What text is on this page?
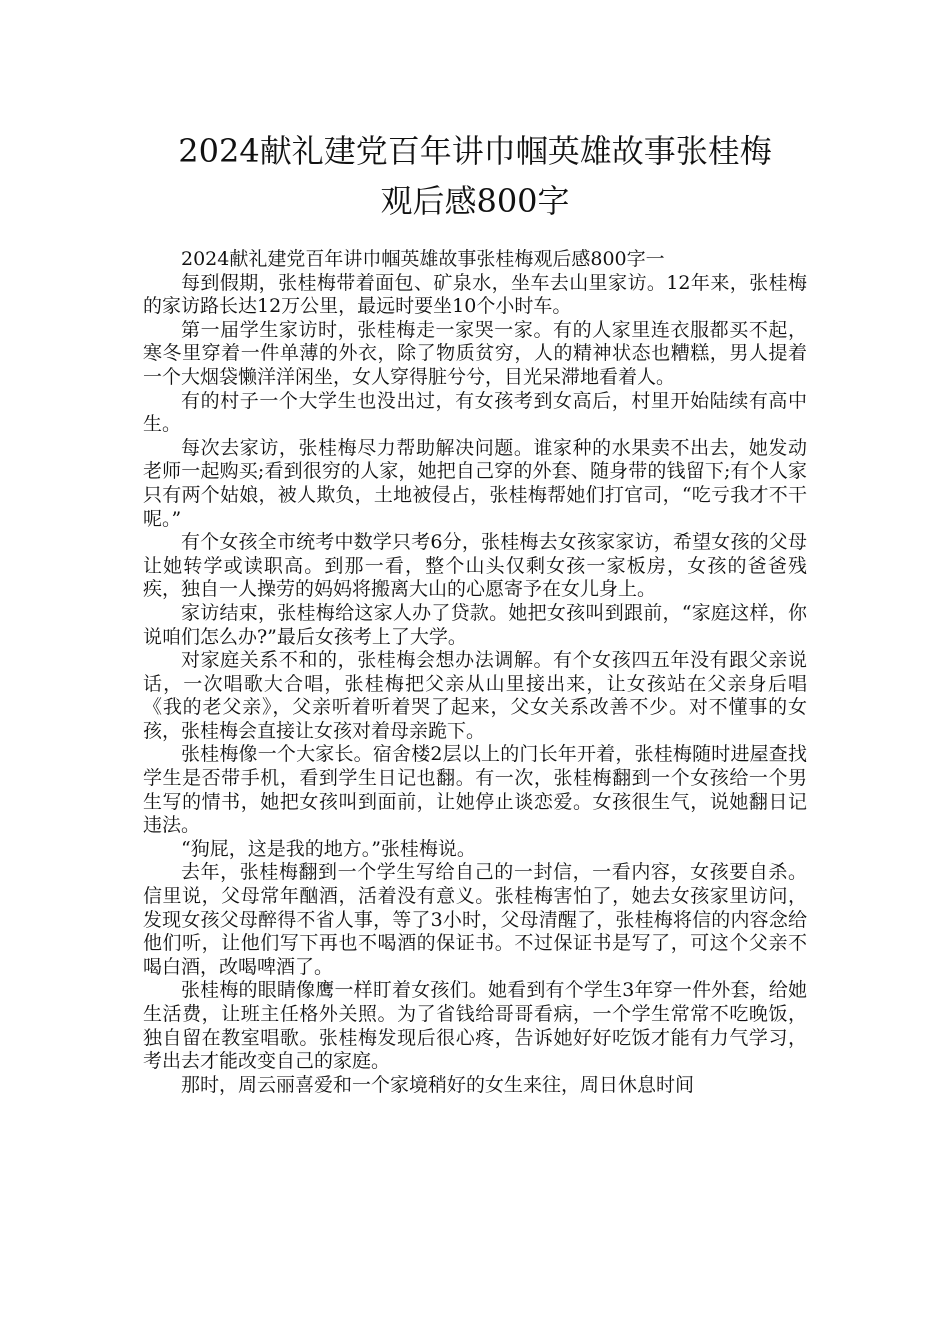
2024献礼建党百年讲巾帼英雄故事张桂梅
观后感800字

2024献礼建党百年讲巾帼英雄故事张桂梅观后感800字一

每到假期，张桂梅带着面包、矿泉水，坐车去山里家访。12年来，张桂梅的家访路长达12万公里，最远时要坐10个小时车。

第一届学生家访时，张桂梅走一家哭一家。有的人家里连衣服都买不起，寒冬里穿着一件单薄的外衣，除了物质贫穷，人的精神状态也糟糕，男人提着一个大烟袋懒洋洋闲坐，女人穿得脏兮兮，目光呆滞地看着人。

有的村子一个大学生也没出过，有女孩考到女高后，村里开始陆续有高中生。

每次去家访，张桂梅尽力帮助解决问题。谁家种的水果卖不出去，她发动老师一起购买;看到很穷的人家，她把自己穿的外套、随身带的钱留下;有个人家只有两个姑娘，被人欺负，土地被侵占，张桂梅帮她们打官司，“吃亏我才不干呢。”

有个女孩全市统考中数学只考6分，张桂梅去女孩家家访，希望女孩的父母让她转学或读职高。到那一看，整个山头仅剩女孩一家板房，女孩的爸爸残疾，独自一人操劳的妈妈将搬离大山的心愿寄予在女儿身上。

家访结束，张桂梅给这家人办了贷款。她把女孩叫到跟前，“家庭这样，你说咱们怎么办?”最后女孩考上了大学。

对家庭关系不和的，张桂梅会想办法调解。有个女孩四五年没有跟父亲说话，一次唱歌大合唱，张桂梅把父亲从山里接出来，让女孩站在父亲身后唱《我的老父亲》，父亲听着听着哭了起来，父女关系改善不少。对不懂事的女孩，张桂梅会直接让女孩对着母亲跪下。

张桂梅像一个大家长。宿舍楼2层以上的门长年开着，张桂梅随时进屋查找学生是否带手机，看到学生日记也翻。有一次，张桂梅翻到一个女孩给一个男生写的情书，她把女孩叫到面前，让她停止谈恋爱。女孩很生气，说她翻日记违法。

“狗屁，这是我的地方。”张桂梅说。

去年，张桂梅翻到一个学生写给自己的一封信，一看内容，女孩要自杀。信里说，父母常年酗酒，活着没有意义。张桂梅害怕了，她去女孩家里访问，发现女孩父母醉得不省人事，等了3小时，父母清醒了，张桂梅将信的内容念给他们听，让他们写下再也不喝酒的保证书。不过保证书是写了，可这个父亲不喝白酒，改喝啤酒了。

张桂梅的眼睛像鹰一样盯着女孩们。她看到有个学生3年穿一件外套，给她生活费，让班主任格外关照。为了省钱给哥哥看病，一个学生常常不吃晚饭，独自留在教室唱歌。张桂梅发现后很心疼，告诉她好好吃饭才能有力气学习，考出去才能改变自己的家庭。

那时，周云丽喜爱和一个家境稍好的女生来往，周日休息时间
